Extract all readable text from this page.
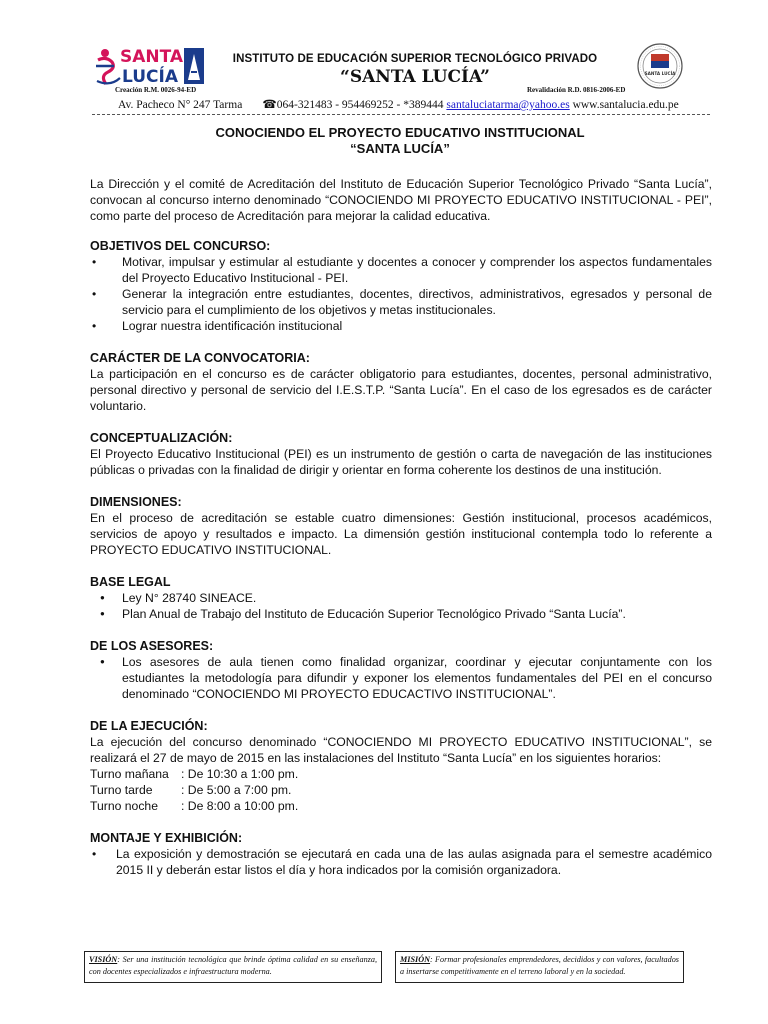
SANTA
LUCÍA	SANTA LUCÍA
INSTITUTO DE EDUCACIÓN SUPERIOR TECNOLÓGICO PRIVADO
“SANTA LUCÍA”
Creación R.M. 0026-94-ED	Revalidación R.D. 0816-2006-ED
Av. Pacheco N° 247 Tarma ☎064-321483 - 954469252 - *389444 santaluciatarma@yahoo.es www.santalucia.edu.pe
CONOCIENDO EL PROYECTO EDUCATIVO INSTITUCIONAL
“SANTA LUCÍA”

La Dirección y el comité de Acreditación del Instituto de Educación Superior Tecnológico Privado “Santa Lucía”, convocan al concurso interno denominado “CONOCIENDO MI PROYECTO EDUCATIVO INSTITUCIONAL - PEI”, como parte del proceso de Acreditación para mejorar la calidad educativa.

OBJETIVOS DEL CONCURSO:
• Motivar, impulsar y estimular al estudiante y docentes a conocer y comprender los aspectos fundamentales del Proyecto Educativo Institucional - PEI.
• Generar la integración entre estudiantes, docentes, directivos, administrativos, egresados y personal de servicio para el cumplimiento de los objetivos y metas institucionales.
• Lograr nuestra identificación institucional
CARÁCTER DE LA CONVOCATORIA:

La participación en el concurso es de carácter obligatorio para estudiantes, docentes, personal administrativo, personal directivo y personal de servicio del I.E.S.T.P. “Santa Lucía”. En el caso de los egresados es de carácter voluntario.

CONCEPTUALIZACIÓN:

El Proyecto Educativo Institucional (PEI) es un instrumento de gestión o carta de navegación de las instituciones públicas o privadas con la finalidad de dirigir y orientar en forma coherente los destinos de una institución.

DIMENSIONES:

En el proceso de acreditación se estable cuatro dimensiones: Gestión institucional, procesos académicos, servicios de apoyo y resultados e impacto. La dimensión gestión institucional contempla todo lo referente a PROYECTO EDUCATIVO INSTITUCIONAL.

BASE LEGAL
● Ley N° 28740 SINEACE.
● Plan Anual de Trabajo del Instituto de Educación Superior Tecnológico Privado “Santa Lucía”.
DE LOS ASESORES:
● Los asesores de aula tienen como finalidad organizar, coordinar y ejecutar conjuntamente con los estudiantes la metodología para difundir y exponer los elementos fundamentales del PEI en el concurso denominado “CONOCIENDO MI PROYECTO EDUCACTIVO INSTITUCIONAL”.
DE LA EJECUCIÓN:

La ejecución del concurso denominado “CONOCIENDO MI PROYECTO EDUCATIVO INSTITUCIONAL”, se realizará el 27 de mayo de 2015 en las instalaciones del Instituto “Santa Lucía” en los siguientes horarios:

Turno mañana : De 10:30 a 1:00 pm.
Turno tarde	: De 5:00 a 7:00 pm.
Turno noche	: De 8:00 a 10:00 pm.
MONTAJE Y EXHIBICIÓN:
• La exposición y demostración se ejecutará en cada una de las aulas asignada para el semestre académico 2015 II y deberán estar listos el día y hora indicados por la comisión organizadora.
VISIÓN: Ser una institución tecnológica que brinde óptima calidad en su enseñanza, con docentes especializados e infraestructura moderna.
MISIÓN: Formar profesionales emprendedores, decididos y con valores, facultados a insertarse competitivamente en el terreno laboral y en la sociedad.
